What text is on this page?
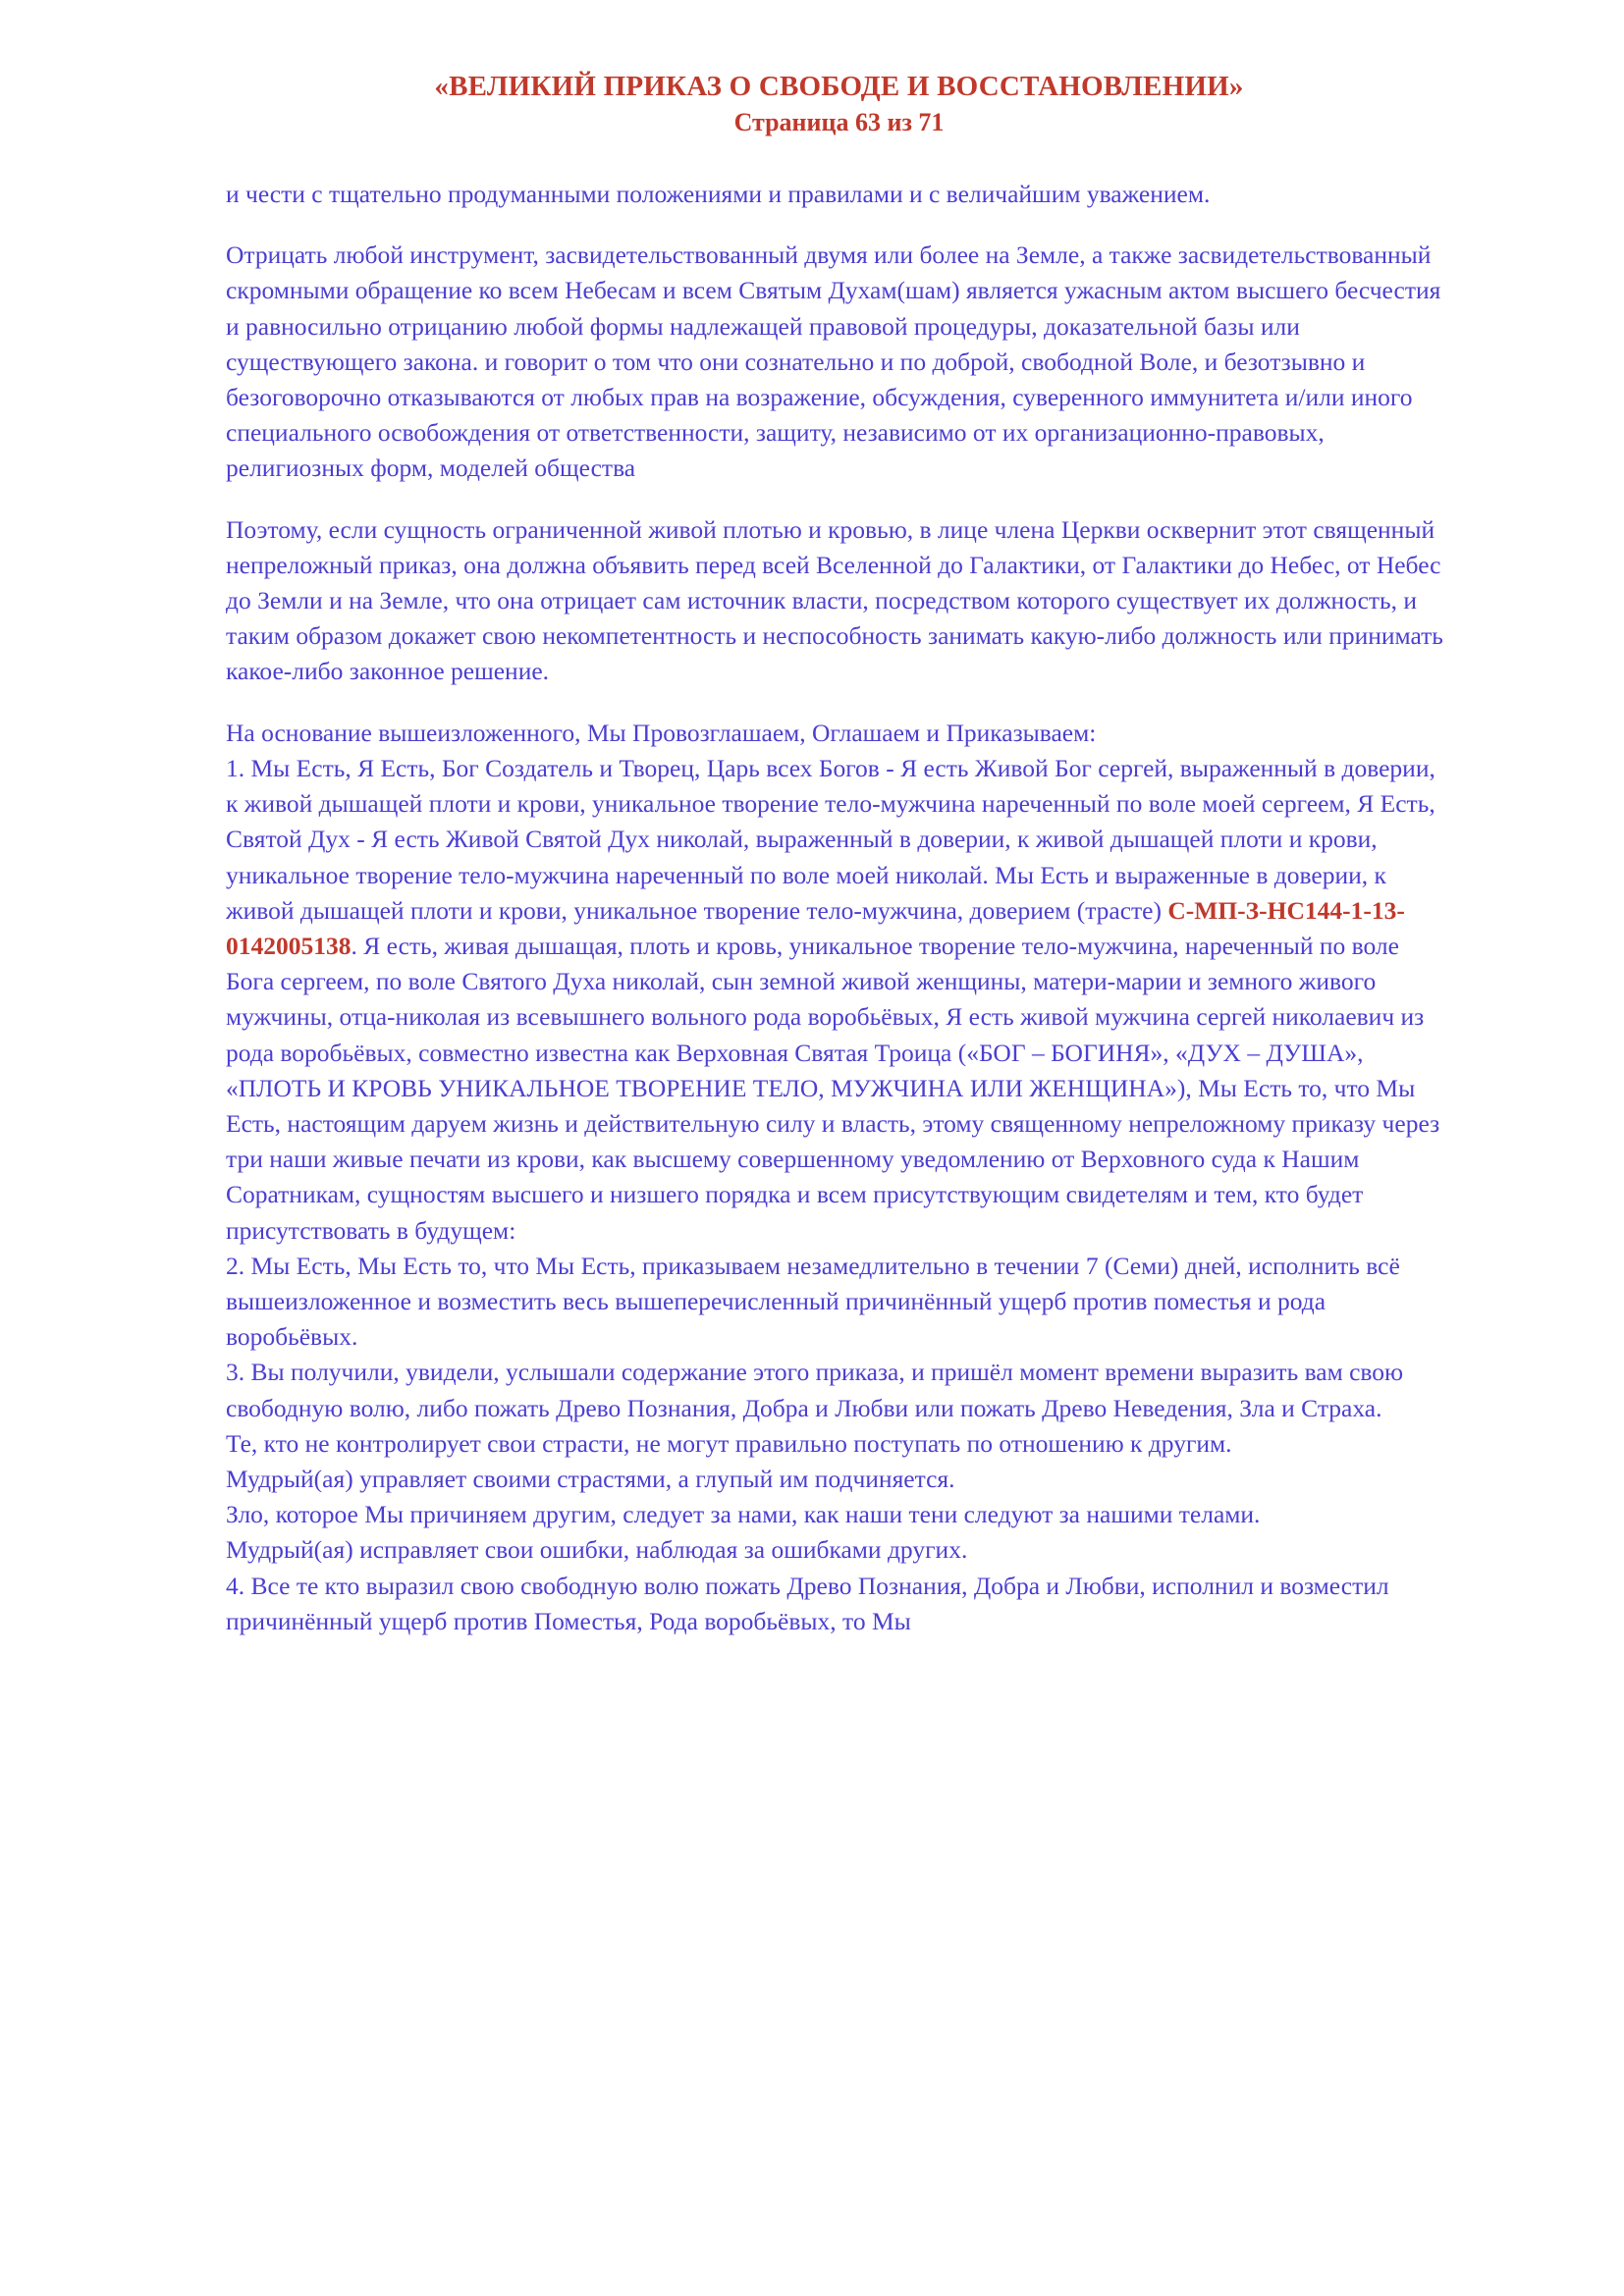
«ВЕЛИКИЙ ПРИКАЗ О СВОБОДЕ И ВОССТАНОВЛЕНИИ»
Страница 63 из 71

и чести с тщательно продуманными положениями и правилами и с величайшим уважением.

Отрицать любой инструмент, засвидетельствованный двумя или более на Земле, а также засвидетельствованный скромными обращение ко всем Небесам и всем Святым Духам(шам) является ужасным актом высшего бесчестия и равносильно отрицанию любой формы надлежащей правовой процедуры, доказательной базы или существующего закона. и говорит о том что они сознательно и по доброй, свободной Воле, и безотзывно и безоговорочно отказываются от любых прав на возражение, обсуждения, суверенного иммунитета и/или иного специального освобождения от ответственности, защиту, независимо от их организационно-правовых, религиозных форм, моделей общества

Поэтому, если сущность ограниченной живой плотью и кровью, в лице члена Церкви осквернит этот священный непреложный приказ, она должна объявить перед всей Вселенной до Галактики, от Галактики до Небес, от Небес до Земли и на Земле, что она отрицает сам источник власти, посредством которого существует их должность, и таким образом докажет свою некомпетентность и неспособность занимать какую-либо должность или принимать какое-либо законное решение.

На основание вышеизложенного, Мы Провозглашаем, Оглашаем и Приказываем:

1. Мы Есть, Я Есть, Бог Создатель и Творец, Царь всех Богов - Я есть Живой Бог сергей, выраженный в доверии, к живой дышащей плоти и крови, уникальное творение тело-мужчина нареченный по воле моей сергеем, Я Есть, Святой Дух - Я есть Живой Святой Дух николай, выраженный в доверии, к живой дышащей плоти и крови, уникальное творение тело-мужчина нареченный по воле моей николай. Мы Есть и выраженные в доверии, к живой дышащей плоти и крови, уникальное творение тело-мужчина, доверием (трасте) C-МП-З-НС144-1-13-0142005138. Я есть, живая дышащая, плоть и кровь, уникальное творение тело-мужчина, нареченный по воле Бога сергеем, по воле Святого Духа николай, сын земной живой женщины, матери-марии и земного живого мужчины, отца-николая из всевышнего вольного рода воробьёвых, Я есть живой мужчина сергей николаевич из рода воробьёвых, совместно известна как Верховная Святая Троица («БОГ – БОГИНЯ», «ДУХ – ДУША», «ПЛОТЬ И КРОВЬ УНИКАЛЬНОЕ ТВОРЕНИЕ ТЕЛО, МУЖЧИНА ИЛИ ЖЕНЩИНА»), Мы Есть то, что Мы Есть, настоящим даруем жизнь и действительную силу и власть, этому священному непреложному приказу через три наши живые печати из крови, как высшему совершенному уведомлению от Верховного суда к Нашим Соратникам, сущностям высшего и низшего порядка и всем присутствующим свидетелям и тем, кто будет присутствовать в будущем:

2. Мы Есть, Мы Есть то, что Мы Есть, приказываем незамедлительно в течении 7 (Семи) дней, исполнить всё вышеизложенное и возместить весь вышеперечисленный причинённый ущерб против поместья и рода воробьёвых.

3. Вы получили, увидели, услышали содержание этого приказа, и пришёл момент времени выразить вам свою свободную волю, либо пожать Древо Познания, Добра и Любви или пожать Древо Неведения, Зла и Страха.

Те, кто не контролирует свои страсти, не могут правильно поступать по отношению к другим.

Мудрый(ая) управляет своими страстями, а глупый им подчиняется.

Зло, которое Мы причиняем другим, следует за нами, как наши тени следуют за нашими телами.

Мудрый(ая) исправляет свои ошибки, наблюдая за ошибками других.

4. Все те кто выразил свою свободную волю пожать Древо Познания, Добра и Любви, исполнил и возместил причинённый ущерб против Поместья, Рода воробьёвых, то Мы
